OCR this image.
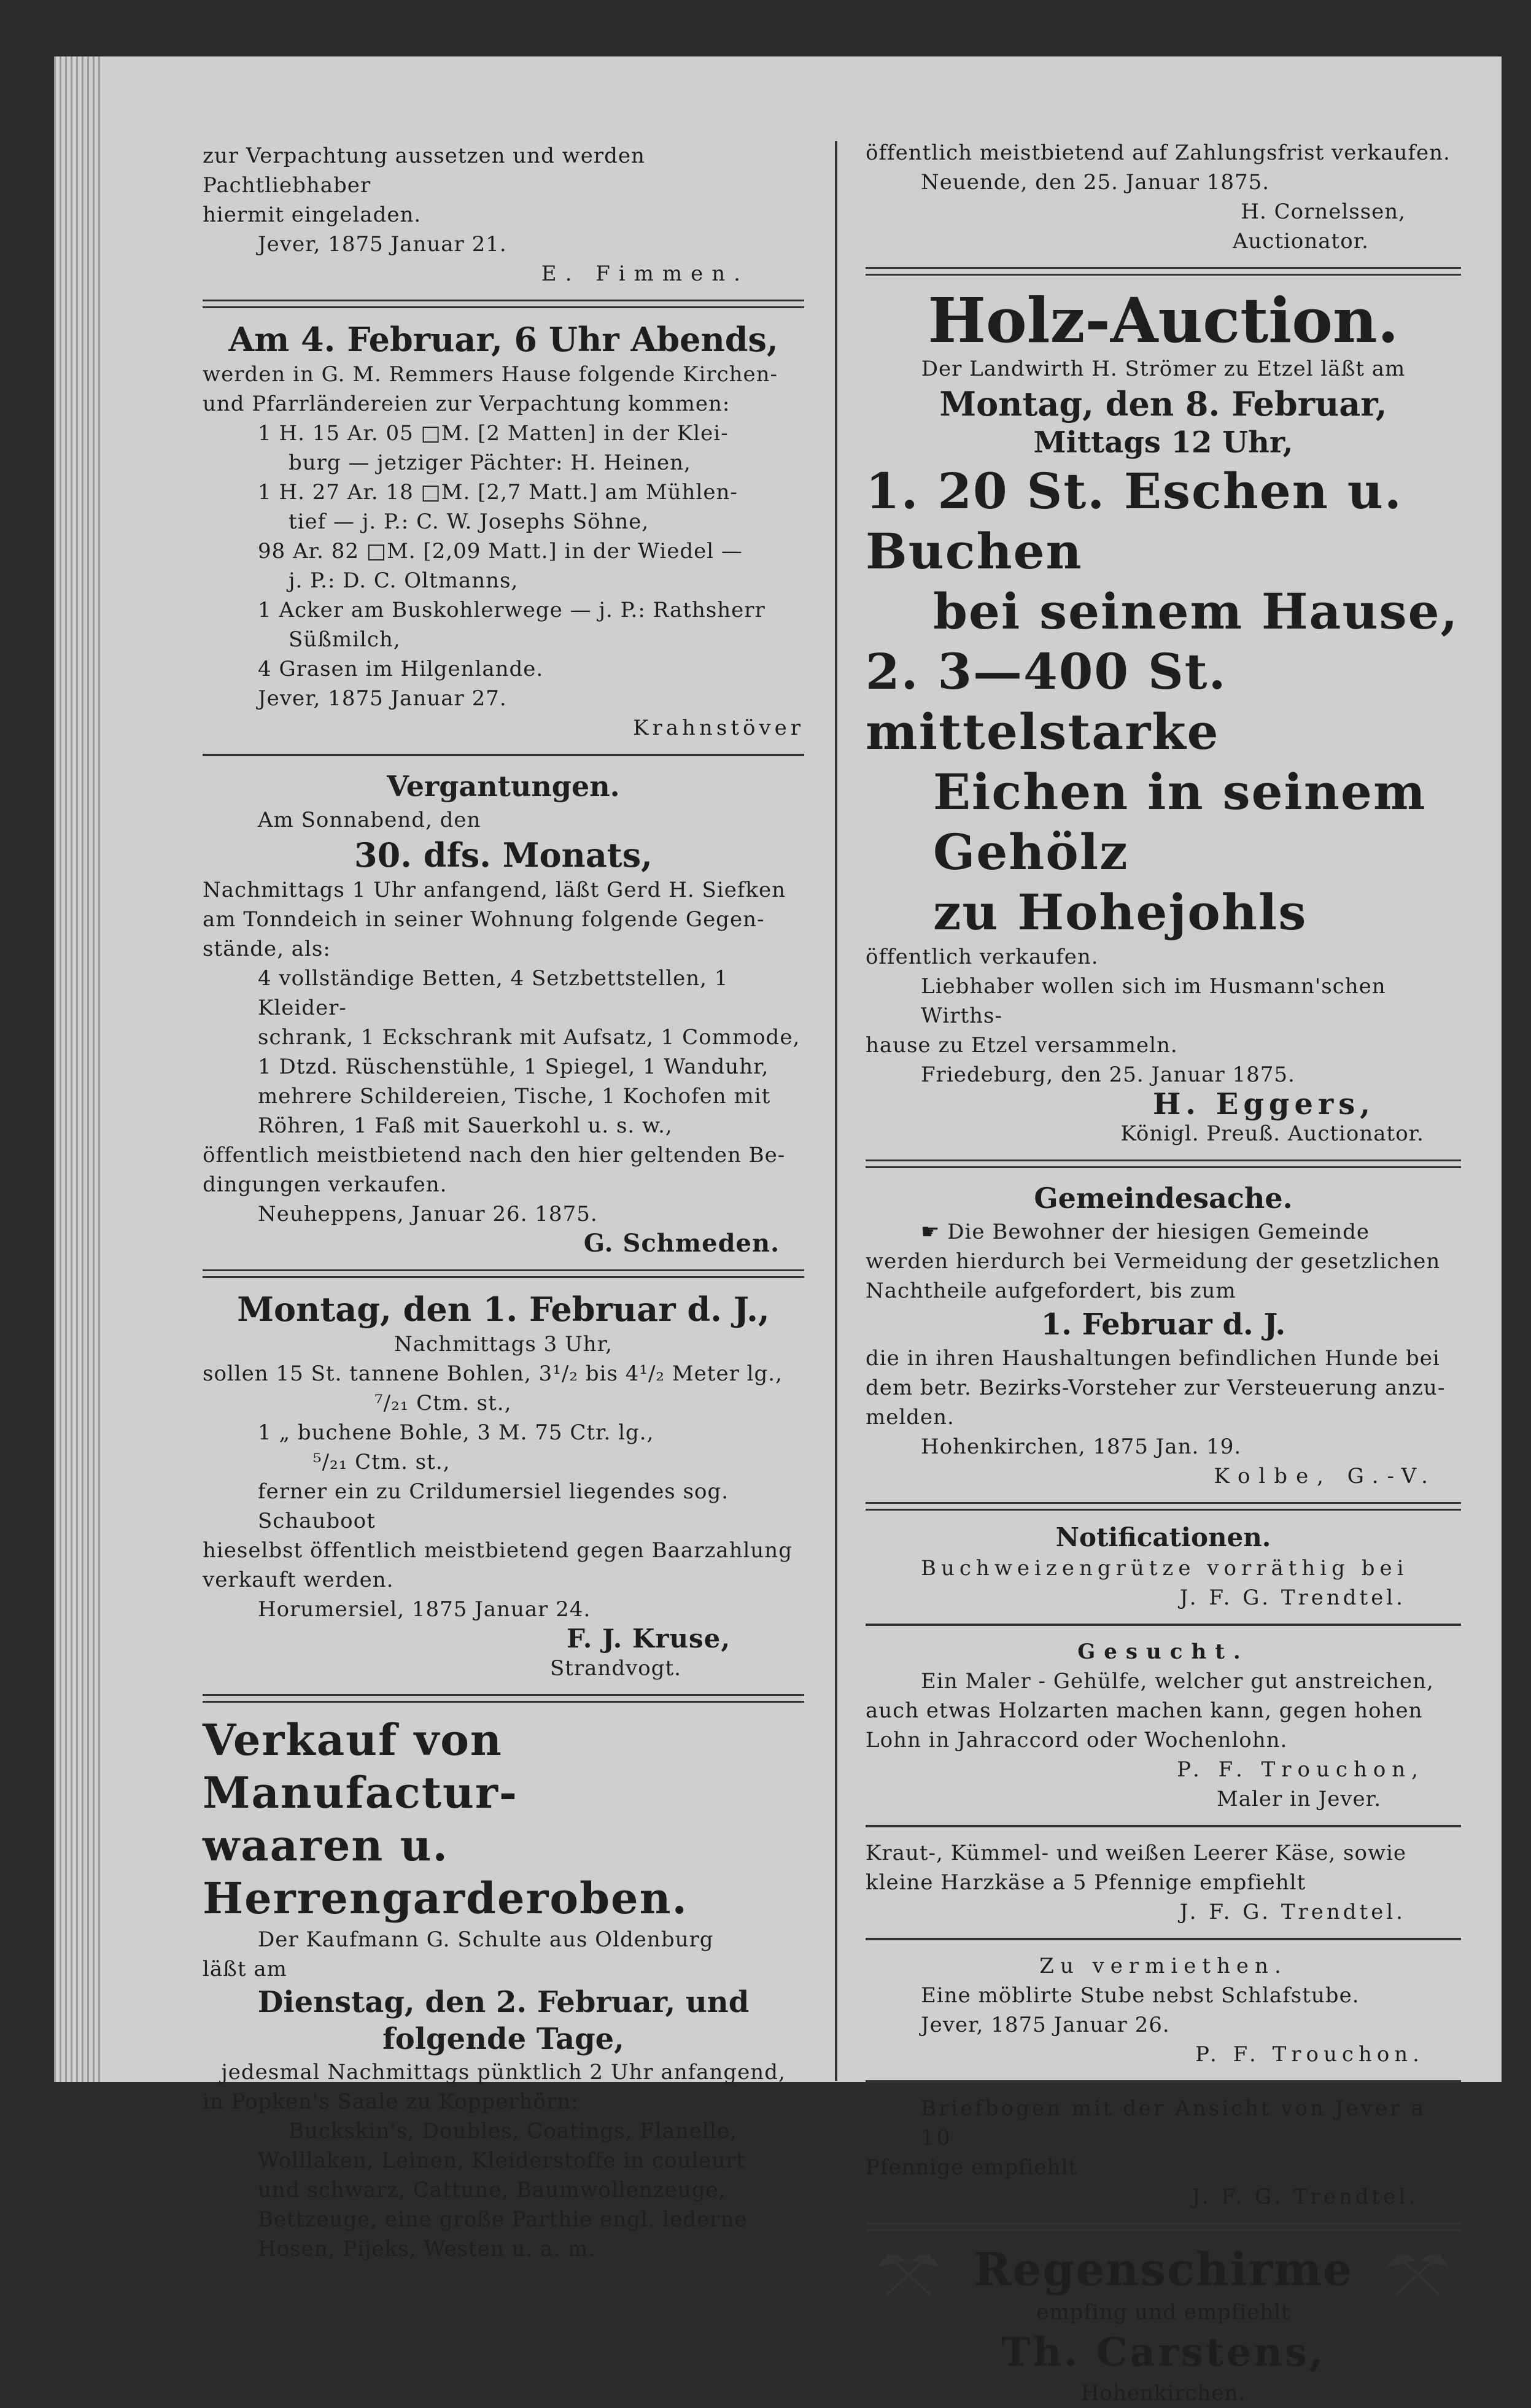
zur Verpachtung aussetzen und werden Pachtliebhaber

hiermit eingeladen.

Jever, 1875 Januar 21.

E. Fimmen.

Am 4. Februar, 6 Uhr Abends,

werden in G. M. Remmers Hause folgende Kirchen-

und Pfarrländereien zur Verpachtung kommen:

1 H. 15 Ar. 05 □M. [2 Matten] in der Klei-

burg — jetziger Pächter: H. Heinen,

1 H. 27 Ar. 18 □M. [2,7 Matt.] am Mühlen-

tief — j. P.: C. W. Josephs Söhne,

98 Ar. 82 □M. [2,09 Matt.] in der Wiedel —

j. P.: D. C. Oltmanns,

1 Acker am Buskohlerwege — j. P.: Rathsherr

Süßmilch,

4 Grasen im Hilgenlande.

Jever, 1875 Januar 27.

Krahnstöver

Vergantungen.

Am Sonnabend, den

30. dfs. Monats,

Nachmittags 1 Uhr anfangend, läßt Gerd H. Siefken

am Tonndeich in seiner Wohnung folgende Gegen-

stände, als:

4 vollständige Betten, 4 Setzbettstellen, 1 Kleider-

schrank, 1 Eckschrank mit Aufsatz, 1 Commode,

1 Dtzd. Rüschenstühle, 1 Spiegel, 1 Wanduhr,

mehrere Schildereien, Tische, 1 Kochofen mit

Röhren, 1 Faß mit Sauerkohl u. s. w.,

öffentlich meistbietend nach den hier geltenden Be-

dingungen verkaufen.

Neuheppens, Januar 26. 1875.

G. Schmeden.

Montag, den 1. Februar d. J.,

Nachmittags 3 Uhr,

sollen 15 St. tannene Bohlen, 3¹/₂ bis 4¹/₂ Meter lg.,

⁷/₂₁ Ctm. st.,

1 „ buchene Bohle, 3 M. 75 Ctr. lg.,

⁵/₂₁ Ctm. st.,

ferner ein zu Crildumersiel liegendes sog.

Schauboot

hieselbst öffentlich meistbietend gegen Baarzahlung

verkauft werden.

Horumersiel, 1875 Januar 24.

F. J. Kruse,

Strandvogt.

Verkauf von Manufactur-

waaren u. Herrengarderoben.

Der Kaufmann G. Schulte aus Oldenburg

läßt am

Dienstag, den 2. Februar, und

folgende Tage,

jedesmal Nachmittags pünktlich 2 Uhr anfangend,

in Popken's Saale zu Kopperhörn:

Buckskin's, Doubles, Coatings, Flanelle,

Wolllaken, Leinen, Kleiderstoffe in couleurt

und schwarz, Cattune, Baumwollenzeuge,

Bettzeuge, eine große Parthie engl. lederne

Hosen, Pijeks, Westen u. a. m.

öffentlich meistbietend auf Zahlungsfrist verkaufen.

Neuende, den 25. Januar 1875.

H. Cornelssen,

Auctionator.

Holz-Auction.

Der Landwirth H. Strömer zu Etzel läßt am

Montag, den 8. Februar,

Mittags 12 Uhr,

1. 20 St. Eschen u. Buchen

bei seinem Hause,

2. 3—400 St. mittelstarke

Eichen in seinem Gehölz

zu Hohejohls

öffentlich verkaufen.

Liebhaber wollen sich im Husmann'schen Wirths-

hause zu Etzel versammeln.

Friedeburg, den 25. Januar 1875.

H. Eggers,

Königl. Preuß. Auctionator.

Gemeindesache.

☛ Die Bewohner der hiesigen Gemeinde

werden hierdurch bei Vermeidung der gesetzlichen

Nachtheile aufgefordert, bis zum

1. Februar d. J.

die in ihren Haushaltungen befindlichen Hunde bei

dem betr. Bezirks-Vorsteher zur Versteuerung anzu-

melden.

Hohenkirchen, 1875 Jan. 19.

Kolbe, G.-V.

Notificationen.

Buchweizengrütze vorräthig bei

J. F. G. Trendtel.

Gesucht.

Ein Maler - Gehülfe, welcher gut anstreichen,

auch etwas Holzarten machen kann, gegen hohen

Lohn in Jahraccord oder Wochenlohn.

P. F. Trouchon,

Maler in Jever.

Kraut-, Kümmel- und weißen Leerer Käse, sowie

kleine Harzkäse a 5 Pfennige empfiehlt

J. F. G. Trendtel.

Zu vermiethen.

Eine möblirte Stube nebst Schlafstube.

Jever, 1875 Januar 26.

P. F. Trouchon.

Briefbogen mit der Ansicht von Jever a 10

Pfennige empfiehlt

J. F. G. Trendtel.

Regenschirme

empfing und empfiehlt

Th. Carstens,

Hohenkirchen.
